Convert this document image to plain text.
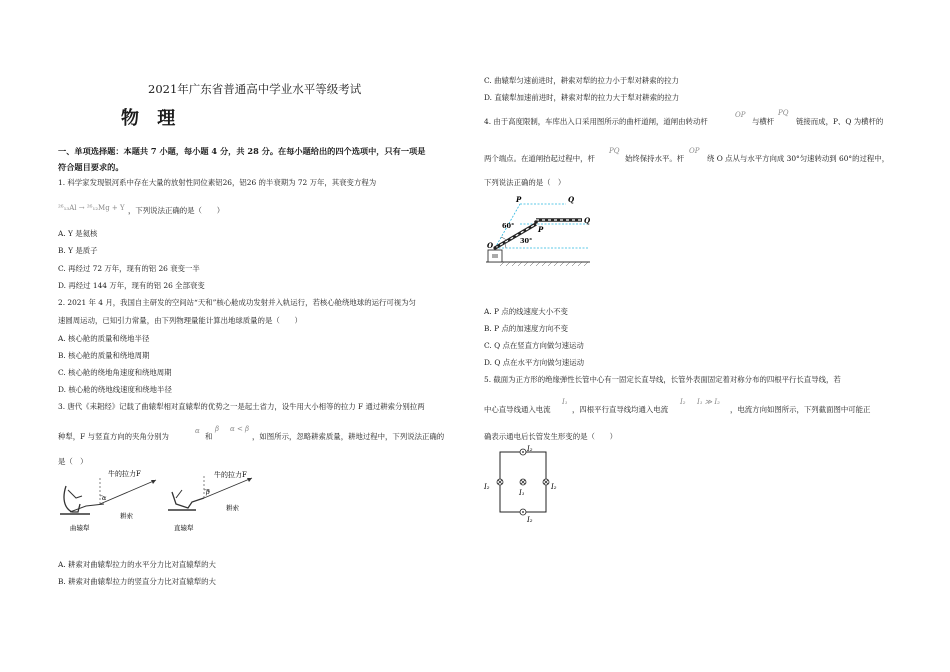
2021年广东省普通高中学业水平等级考试
物 理
一、单项选择题：本题共 7 小题，每小题 4 分，共 28 分。在每小题给出的四个选项中，只有一项是
符合题目要求的。
1. 科学家发现银河系中存在大量的放射性同位素铝26，铝26 的半衰期为 72 万年，其衰变方程为
²⁶₁₃Al → ²⁶₁₂Mg + Y ，下列说法正确的是（　　）
A. Y 是氦核
B. Y 是质子
C. 再经过 72 万年，现有的铝 26 衰变一半
D. 再经过 144 万年，现有的铝 26 全部衰变
2. 2021 年 4 月，我国自主研发的空间站“天和”核心舱成功发射并入轨运行，若核心舱绕地球的运行可视为匀
速圆周运动，已知引力常量，由下列物理量能计算出地球质量的是（　　）
A. 核心舱的质量和绕地半径
B. 核心舱的质量和绕地周期
C. 核心舱的绕地角速度和绕地周期
D. 核心舱的绕地线速度和绕地半径
3. 唐代《耒耜经》记载了曲辕犁相对直辕犁的优势之一是起土省力，设牛用大小相等的拉力 F 通过耕索分别拉两
种犁，F 与竖直方向的夹角分别为
α
和
β α < β
，如图所示，忽略耕索质量，耕地过程中，下列说法正确的
是（　）
牛的拉力F
α
耕索
曲辕犁
牛的拉力F
β
耕索
直辕犁
A. 耕索对曲辕犁拉力的水平分力比对直辕犁的大
B. 耕索对曲辕犁拉力的竖直分力比对直辕犁的大
C. 曲辕犁匀速前进时，耕索对犁的拉力小于犁对耕索的拉力
D. 直辕犁加速前进时，耕索对犁的拉力大于犁对耕索的拉力
4. 由于高度限制，车库出入口采用图所示的曲杆道闸，道闸由转动杆
OP
与横杆
PQ
链接而成，P、Q 为横杆的
两个端点。在道闸抬起过程中，杆
PQ
始终保持水平。杆
OP
绕 O 点从与水平方向成 30°匀速转动到 60°的过程中，
下列说法正确的是（　）
P	Q
60°	P
Q
30°
O
A. P 点的线速度大小不变
B. P 点的加速度方向不变
C. Q 点在竖直方向做匀速运动
D. Q 点在水平方向做匀速运动
5. 截面为正方形的绝缘弹性长管中心有一固定长直导线，长管外表面固定着对称分布的四根平行长直导线，若
中心直导线通入电流
I₁
，四根平行直导线均通入电流
I₂ I₁ ≫ I₂
，电流方向如图所示，下列截面图中可能正
确表示通电后长管发生形变的是（　　）
I₂
I₂
I₁
I₂
I₂
